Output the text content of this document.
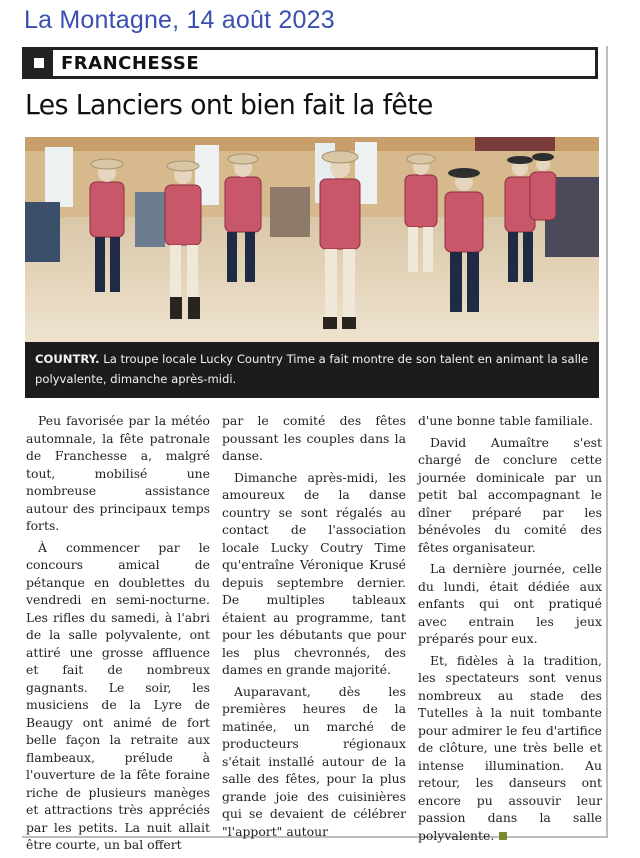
La Montagne, 14 août 2023
FRANCHESSE
Les Lanciers ont bien fait la fête
COUNTRY. La troupe locale Lucky Country Time a fait montre de son talent en animant la salle polyvalente, dimanche après-midi.

Peu favorisée par la météo automnale, la fête patronale de Franchesse a, malgré tout, mobilisé une nombreuse assistance autour des principaux temps forts.

À commencer par le concours amical de pétanque en doublettes du vendredi en semi-nocturne. Les rifles du samedi, à l'abri de la salle polyvalente, ont attiré une grosse affluence et fait de nombreux gagnants. Le soir, les musiciens de la Lyre de Beaugy ont animé de fort belle façon la retraite aux flambeaux, prélude à l'ouverture de la fête foraine riche de plusieurs manèges et attractions très appréciés par les petits. La nuit allait être courte, un bal offert

par le comité des fêtes poussant les couples dans la danse.

Dimanche après-midi, les amoureux de la danse country se sont régalés au contact de l'association locale Lucky Coutry Time qu'entraîne Véronique Krusé depuis septembre dernier. De multiples tableaux étaient au programme, tant pour les débutants que pour les plus chevronnés, des dames en grande majorité.

Auparavant, dès les premières heures de la matinée, un marché de producteurs régionaux s'était installé autour de la salle des fêtes, pour la plus grande joie des cuisinières qui se devaient de célébrer "l'apport" autour

d'une bonne table familiale.

David Aumaître s'est chargé de conclure cette journée dominicale par un petit bal accompagnant le dîner préparé par les bénévoles du comité des fêtes organisateur.

La dernière journée, celle du lundi, était dédiée aux enfants qui ont pratiqué avec entrain les jeux préparés pour eux.

Et, fidèles à la tradition, les spectateurs sont venus nombreux au stade des Tutelles à la nuit tombante pour admirer le feu d'artifice de clôture, une très belle et intense illumination. Au retour, les danseurs ont encore pu assouvir leur passion dans la salle polyvalente.
